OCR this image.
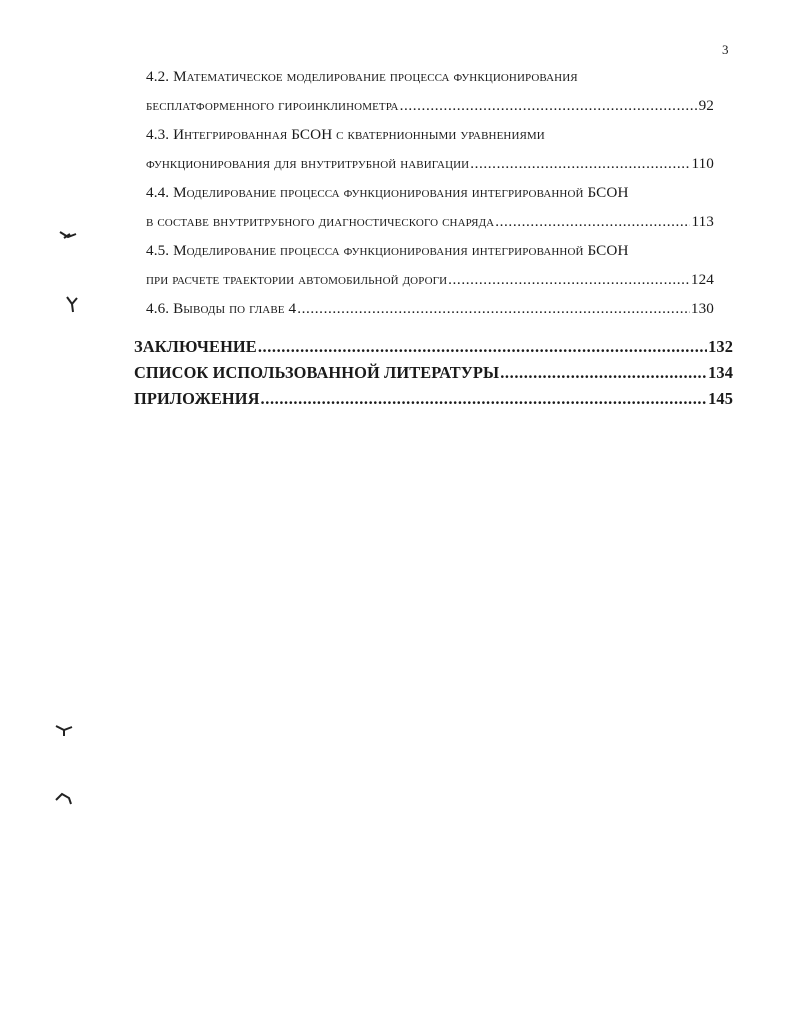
3
4.2. Математическое моделирование процесса функционирования
бесплатформенного гироинклинометра .....	92
4.3. Интегрированная БСОН с кватернионными уравнениями
функционирования для внутритрубной навигации .....	110
4.4. Моделирование процесса функционирования интегрированной БСОН
в составе внутритрубного диагностического снаряда .....	113
4.5. Моделирование процесса функционирования интегрированной БСОН
при расчете траектории автомобильной дороги .....	124
4.6. Выводы по главе 4 .....	130
ЗАКЛЮЧЕНИЕ .....	132
СПИСОК ИСПОЛЬЗОВАННОЙ ЛИТЕРАТУРЫ .....	134
ПРИЛОЖЕНИЯ .....	145
